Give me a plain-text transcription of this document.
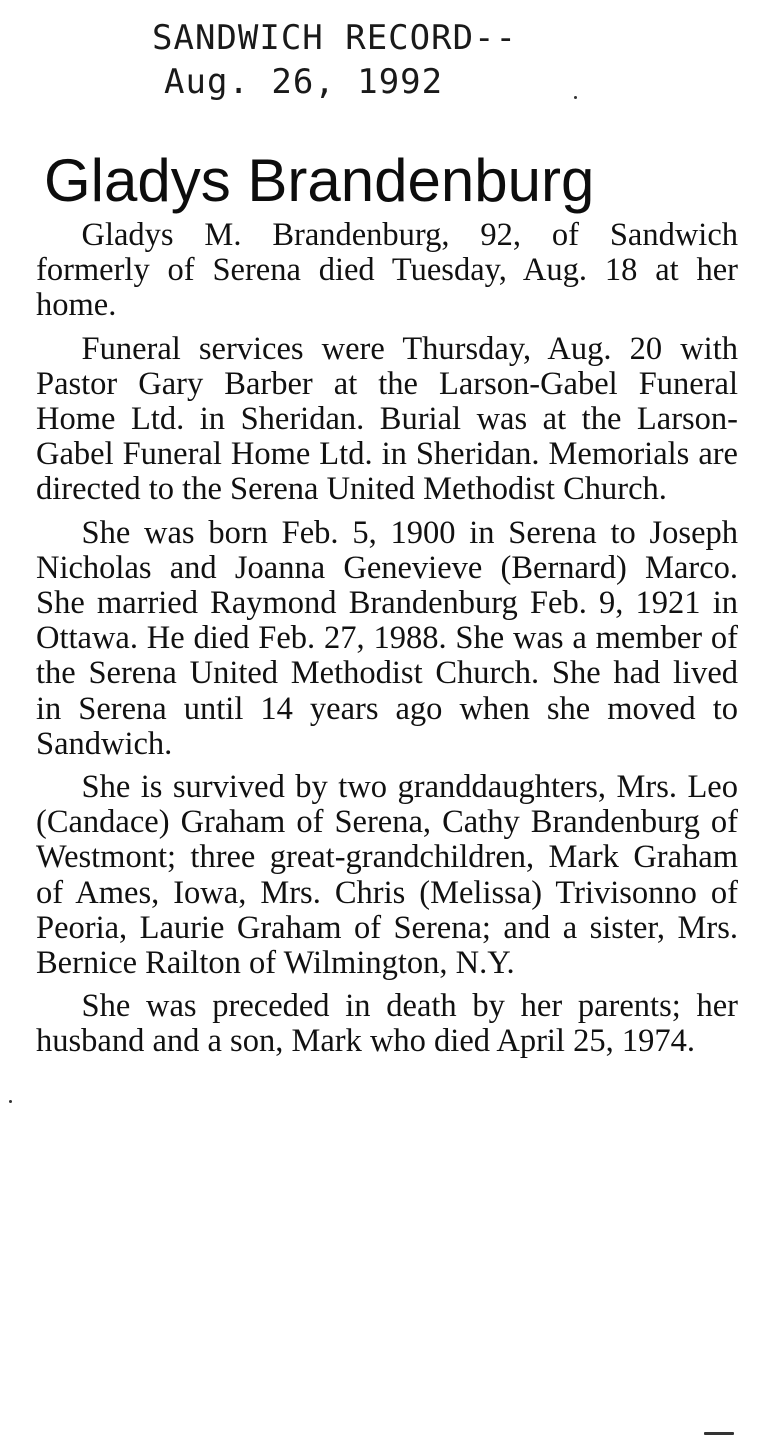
SANDWICH RECORD--
Aug. 26, 1992
Gladys Brandenburg

Gladys M. Brandenburg, 92, of Sandwich formerly of Serena died Tuesday, Aug. 18 at her home.

Funeral services were Thursday, Aug. 20 with Pastor Gary Barber at the Larson-Gabel Funeral Home Ltd. in Sheridan. Burial was at the Larson-Gabel Funeral Home Ltd. in Sheridan. Memorials are directed to the Serena United Methodist Church.

She was born Feb. 5, 1900 in Serena to Joseph Nicholas and Joanna Genevieve (Bernard) Marco. She married Raymond Brandenburg Feb. 9, 1921 in Ottawa. He died Feb. 27, 1988. She was a member of the Serena United Methodist Church. She had lived in Serena until 14 years ago when she moved to Sandwich.

She is survived by two granddaughters, Mrs. Leo (Candace) Graham of Serena, Cathy Brandenburg of Westmont; three great-grandchildren, Mark Graham of Ames, Iowa, Mrs. Chris (Melissa) Trivisonno of Peoria, Laurie Graham of Serena; and a sister, Mrs. Bernice Railton of Wilmington, N.Y.

She was preceded in death by her parents; her husband and a son, Mark who died April 25, 1974.
